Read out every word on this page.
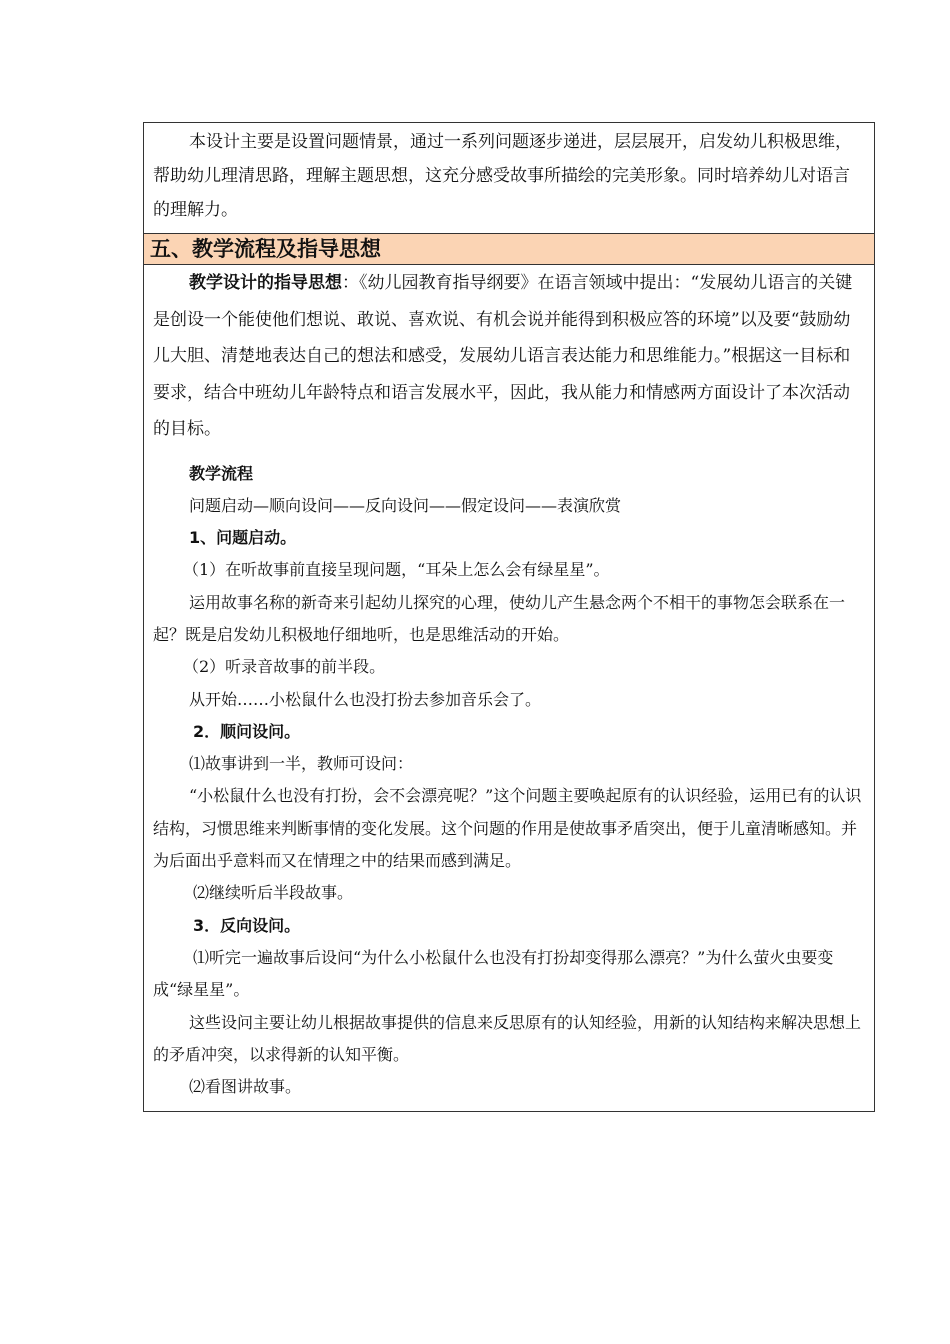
本设计主要是设置问题情景，通过一系列问题逐步递进，层层展开，启发幼儿积极思维，帮助幼儿理清思路，理解主题思想，这充分感受故事所描绘的完美形象。同时培养幼儿对语言的理解力。

五、教学流程及指导思想

教学设计的指导思想：《幼儿园教育指导纲要》在语言领域中提出：“发展幼儿语言的关键是创设一个能使他们想说、敢说、喜欢说、有机会说并能得到积极应答的环境”以及要“鼓励幼儿大胆、清楚地表达自己的想法和感受，发展幼儿语言表达能力和思维能力。”根据这一目标和要求，结合中班幼儿年龄特点和语言发展水平，因此，我从能力和情感两方面设计了本次活动的目标。

教学流程

问题启动—顺向设问——反向设问——假定设问——表演欣赏

1、问题启动。

（1）在听故事前直接呈现问题，“耳朵上怎么会有绿星星”。

运用故事名称的新奇来引起幼儿探究的心理，使幼儿产生悬念两个不相干的事物怎会联系在一起？既是启发幼儿积极地仔细地听，也是思维活动的开始。

（2）听录音故事的前半段。

从开始……小松鼠什么也没打扮去参加音乐会了。

2．顺问设问。

⑴故事讲到一半，教师可设问：

“小松鼠什么也没有打扮，会不会漂亮呢？”这个问题主要唤起原有的认识经验，运用已有的认识结构，习惯思维来判断事情的变化发展。这个问题的作用是使故事矛盾突出，便于儿童清晰感知。并为后面出乎意料而又在情理之中的结果而感到满足。

⑵继续听后半段故事。

3．反向设问。

⑴听完一遍故事后设问“为什么小松鼠什么也没有打扮却变得那么漂亮？”为什么萤火虫要变成“绿星星”。

这些设问主要让幼儿根据故事提供的信息来反思原有的认知经验，用新的认知结构来解决思想上的矛盾冲突，以求得新的认知平衡。

⑵看图讲故事。
